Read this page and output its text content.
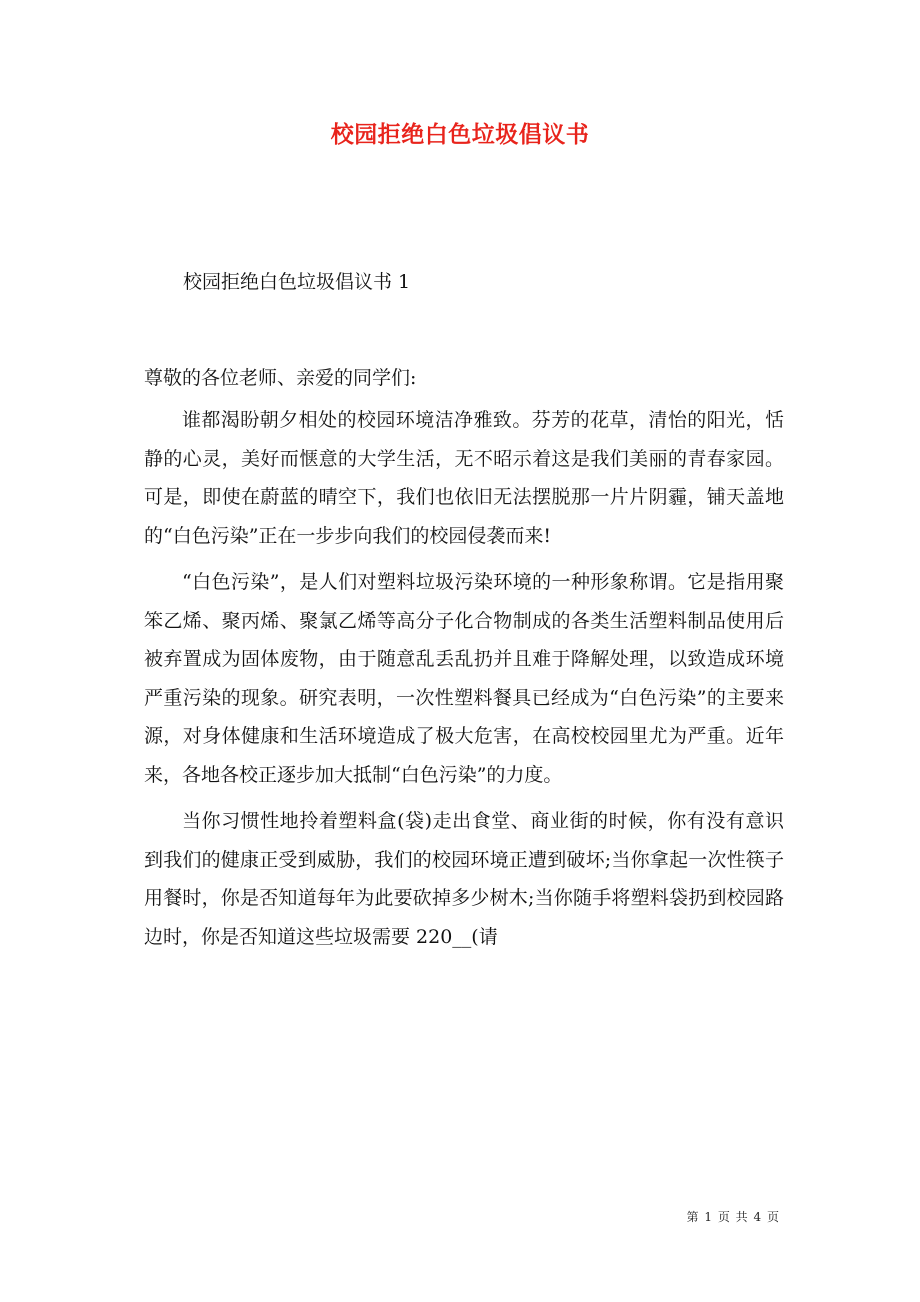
校园拒绝白色垃圾倡议书
校园拒绝白色垃圾倡议书 1
尊敬的各位老师、亲爱的同学们:

谁都渴盼朝夕相处的校园环境洁净雅致。芬芳的花草，清怡的阳光，恬静的心灵，美好而惬意的大学生活，无不昭示着这是我们美丽的青春家园。可是，即使在蔚蓝的晴空下，我们也依旧无法摆脱那一片片阴霾，铺天盖地的“白色污染”正在一步步向我们的校园侵袭而来!

“白色污染”，是人们对塑料垃圾污染环境的一种形象称谓。它是指用聚笨乙烯、聚丙烯、聚氯乙烯等高分子化合物制成的各类生活塑料制品使用后被弃置成为固体废物，由于随意乱丢乱扔并且难于降解处理，以致造成环境严重污染的现象。研究表明，一次性塑料餐具已经成为“白色污染”的主要来源，对身体健康和生活环境造成了极大危害，在高校校园里尤为严重。近年来，各地各校正逐步加大抵制“白色污染”的力度。

当你习惯性地拎着塑料盒(袋)走出食堂、商业街的时候，你有没有意识到我们的健康正受到威胁，我们的校园环境正遭到破坏;当你拿起一次性筷子用餐时，你是否知道每年为此要砍掉多少树木;当你随手将塑料袋扔到校园路边时，你是否知道这些垃圾需要 220__(请

第 1 页 共 4 页
